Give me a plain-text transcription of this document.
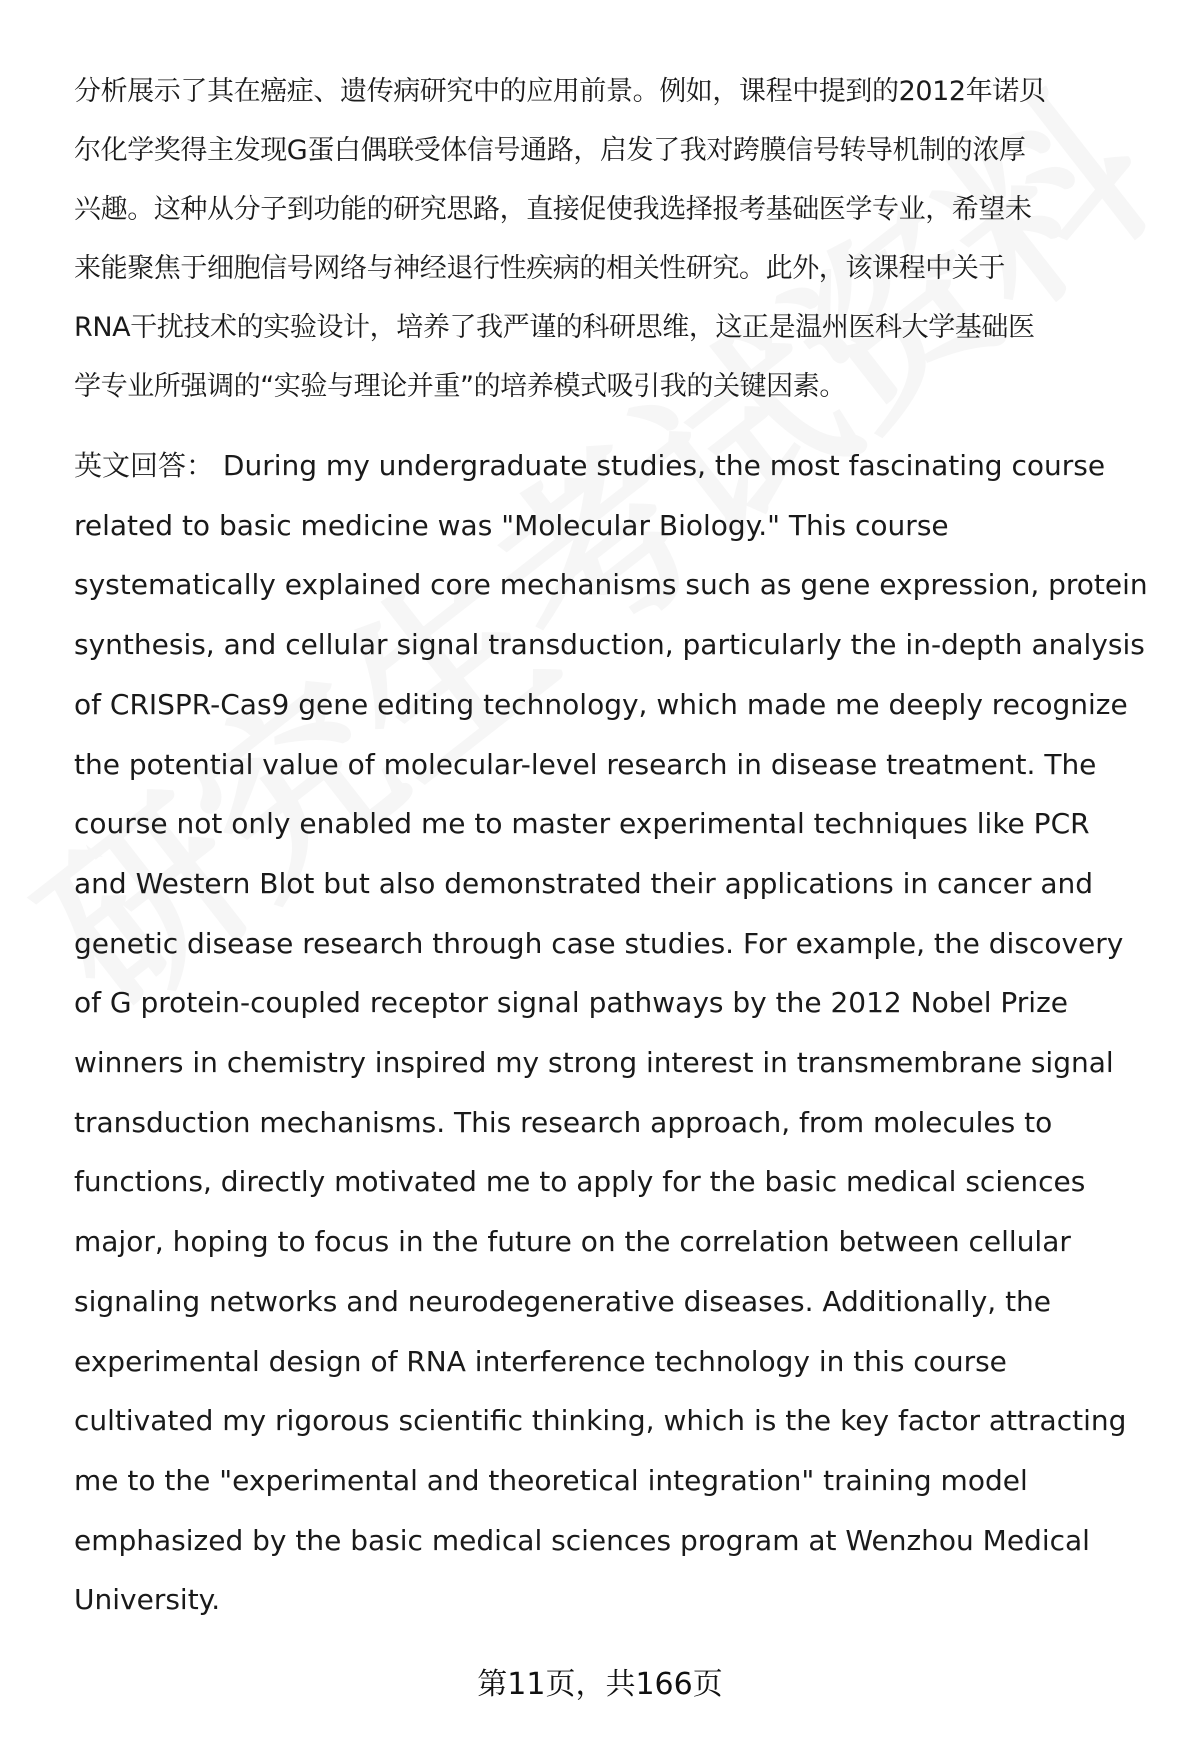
分析展示了其在癌症、遗传病研究中的应用前景。例如，课程中提到的2012年诺贝
尔化学奖得主发现G蛋白偶联受体信号通路，启发了我对跨膜信号转导机制的浓厚
兴趣。这种从分子到功能的研究思路，直接促使我选择报考基础医学专业，希望未
来能聚焦于细胞信号网络与神经退行性疾病的相关性研究。此外，该课程中关于
RNA干扰技术的实验设计，培养了我严谨的科研思维，这正是温州医科大学基础医
学专业所强调的“实验与理论并重”的培养模式吸引我的关键因素。

英文回答： During my undergraduate studies, the most fascinating course
related to basic medicine was "Molecular Biology." This course
systematically explained core mechanisms such as gene expression, protein
synthesis, and cellular signal transduction, particularly the in-depth analysis
of CRISPR-Cas9 gene editing technology, which made me deeply recognize
the potential value of molecular-level research in disease treatment. The
course not only enabled me to master experimental techniques like PCR
and Western Blot but also demonstrated their applications in cancer and
genetic disease research through case studies. For example, the discovery
of G protein-coupled receptor signal pathways by the 2012 Nobel Prize
winners in chemistry inspired my strong interest in transmembrane signal
transduction mechanisms. This research approach, from molecules to
functions, directly motivated me to apply for the basic medical sciences
major, hoping to focus in the future on the correlation between cellular
signaling networks and neurodegenerative diseases. Additionally, the
experimental design of RNA interference technology in this course
cultivated my rigorous scientific thinking, which is the key factor attracting
me to the "experimental and theoretical integration" training model
emphasized by the basic medical sciences program at Wenzhou Medical
University.

第11页，共166页
